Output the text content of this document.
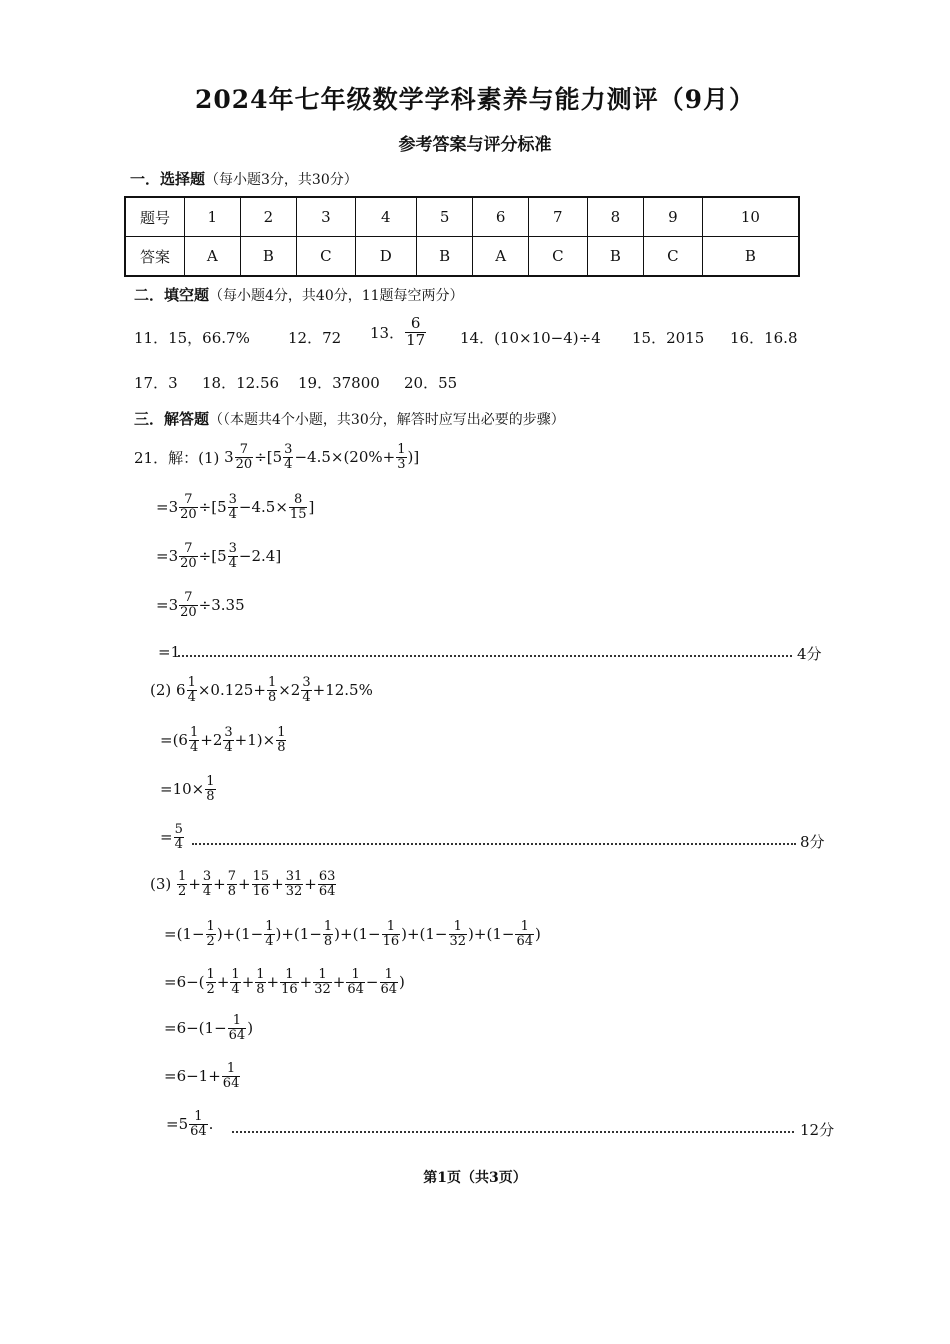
2024年七年级数学学科素养与能力测评（9月）
参考答案与评分标准
一．选择题（每小题3分，共30分）
题号	1	2	3	4	5	6	7	8	9	10
答案	A	B	C	D	B	A	C	B	C	B
二．填空题（每小题4分，共40分，11题每空两分）
11．15，66.7%	12．72 13． $\frac{6}{17} 14$．(10×10−4)÷4 15．2015 16．16.8
17．3 18．12.56 19．37800 20．55
三．解答题（（本题共4个小题，共30分，解答时应写出必要的步骤）
21．解：(1) $3 \frac{7}{20} \div[5 \frac{3}{4} -4.5\times(20\%+ \frac{1}{3}$ )]
$=3 \frac{7}{20} \div[5 \frac{3}{4} -4.5\times \frac{8}{15}$ ]
$=3 \frac{7}{20} \div[5 \frac{3}{4} -2.4]$
$=3 \frac{7}{20} \div 3.35$
=1	4分
(2) $6 \frac{1}{4} \times 0.125+ \frac{1}{8} \times 2 \frac{3}{4} +12.5\%$
$=(6 \frac{1}{4} +2 \frac{3}{4} +1)\times \frac{1}{8}$
$=10\times \frac{1}{8}$
= $\frac{5}{4}$	8分
(3)
$\frac{1}{2} + \frac{3}{4} + \frac{7}{8} + \frac{15}{16} + \frac{31}{32} + \frac{63}{64}$
$=(1- \frac{1}{2} )+(1- \frac{1}{4} )+(1- \frac{1}{8} )+(1- \frac{1}{16} )+(1- \frac{1}{32} )+(1- \frac{1}{64}$ )
$=6-( \frac{1}{2} + \frac{1}{4} + \frac{1}{8} + \frac{1}{16} + \frac{1}{32} + \frac{1}{64} - \frac{1}{64}$ )
$=6-(1- \frac{1}{64}$ )
$=6-1+ \frac{1}{64}$
$=5 \frac{1}{64}$ .	12分
第1页（共3页）
